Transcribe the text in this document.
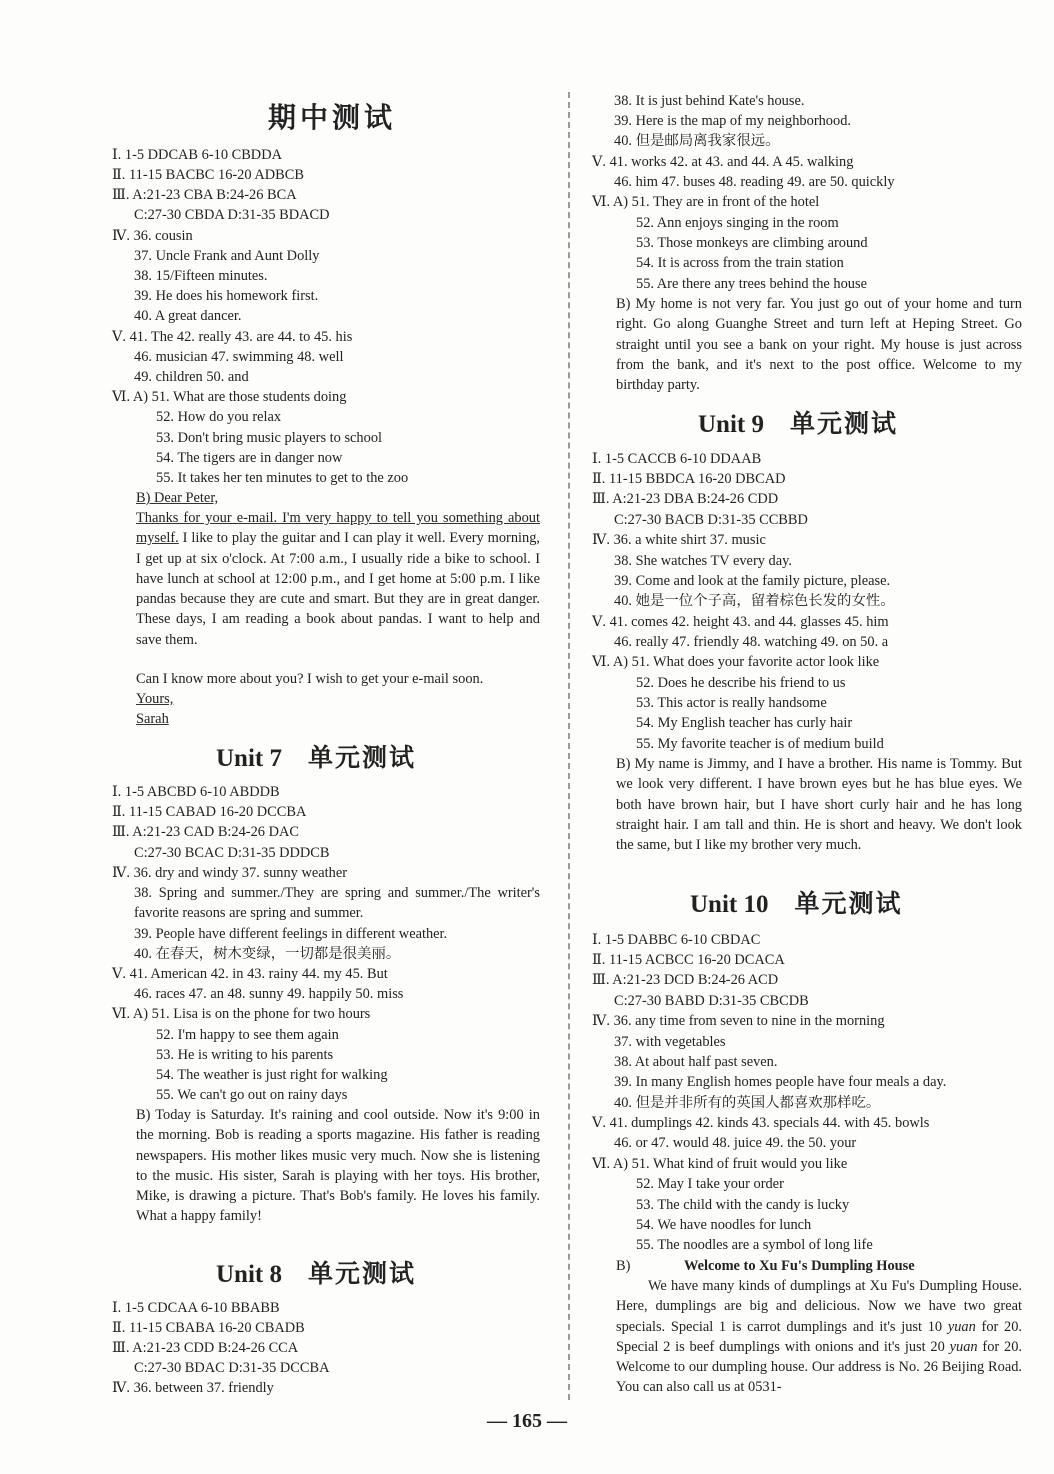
期中测试
Ⅰ. 1-5 DDCAB 6-10 CBDDA
Ⅱ. 11-15 BACBC 16-20 ADBCB
Ⅲ. A:21-23 CBA B:24-26 BCA
C:27-30 CBDA D:31-35 BDACD
Ⅳ. 36. cousin
37. Uncle Frank and Aunt Dolly
38. 15/Fifteen minutes.
39. He does his homework first.
40. A great dancer.
Ⅴ. 41. The 42. really 43. are 44. to 45. his
46. musician 47. swimming 48. well
49. children 50. and
Ⅵ. A) 51. What are those students doing
52. How do you relax
53. Don't bring music players to school
54. The tigers are in danger now
55. It takes her ten minutes to get to the zoo
B) Dear Peter,

Thanks for your e-mail. I'm very happy to tell you something about myself. I like to play the guitar and I can play it well. Every morning, I get up at six o'clock. At 7:00 a.m., I usually ride a bike to school. I have lunch at school at 12:00 p.m., and I get home at 5:00 p.m. I like pandas because they are cute and smart. But they are in great danger. These days, I am reading a book about pandas. I want to help and save them.

Can I know more about you? I wish to get your e-mail soon.
Yours,
Sarah
Unit 7 单元测试
Ⅰ. 1-5 ABCBD 6-10 ABDDB
Ⅱ. 11-15 CABAD 16-20 DCCBA
Ⅲ. A:21-23 CAD B:24-26 DAC
C:27-30 BCAC D:31-35 DDDCB
Ⅳ. 36. dry and windy 37. sunny weather

38. Spring and summer./They are spring and summer./The writer's favorite reasons are spring and summer.

39. People have different feelings in different weather.
40. 在春天，树木变绿，一切都是很美丽。
Ⅴ. 41. American 42. in 43. rainy 44. my 45. But
46. races 47. an 48. sunny 49. happily 50. miss
Ⅵ. A) 51. Lisa is on the phone for two hours
52. I'm happy to see them again
53. He is writing to his parents
54. The weather is just right for walking
55. We can't go out on rainy days

B) Today is Saturday. It's raining and cool outside. Now it's 9:00 in the morning. Bob is reading a sports magazine. His father is reading newspapers. His mother likes music very much. Now she is listening to the music. His sister, Sarah is playing with her toys. His brother, Mike, is drawing a picture. That's Bob's family. He loves his family. What a happy family!

Unit 8 单元测试
Ⅰ. 1-5 CDCAA 6-10 BBABB
Ⅱ. 11-15 CBABA 16-20 CBADB
Ⅲ. A:21-23 CDD B:24-26 CCA
C:27-30 BDAC D:31-35 DCCBA
Ⅳ. 36. between 37. friendly
38. It is just behind Kate's house.
39. Here is the map of my neighborhood.
40. 但是邮局离我家很远。
Ⅴ. 41. works 42. at 43. and 44. A 45. walking
46. him 47. buses 48. reading 49. are 50. quickly
Ⅵ. A) 51. They are in front of the hotel
52. Ann enjoys singing in the room
53. Those monkeys are climbing around
54. It is across from the train station
55. Are there any trees behind the house

B) My home is not very far. You just go out of your home and turn right. Go along Guanghe Street and turn left at Heping Street. Go straight until you see a bank on your right. My house is just across from the bank, and it's next to the post office. Welcome to my birthday party.

Unit 9 单元测试
Ⅰ. 1-5 CACCB 6-10 DDAAB
Ⅱ. 11-15 BBDCA 16-20 DBCAD
Ⅲ. A:21-23 DBA B:24-26 CDD
C:27-30 BACB D:31-35 CCBBD
Ⅳ. 36. a white shirt 37. music
38. She watches TV every day.
39. Come and look at the family picture, please.
40. 她是一位个子高，留着棕色长发的女性。
Ⅴ. 41. comes 42. height 43. and 44. glasses 45. him
46. really 47. friendly 48. watching 49. on 50. a
Ⅵ. A) 51. What does your favorite actor look like
52. Does he describe his friend to us
53. This actor is really handsome
54. My English teacher has curly hair
55. My favorite teacher is of medium build

B) My name is Jimmy, and I have a brother. His name is Tommy. But we look very different. I have brown eyes but he has blue eyes. We both have brown hair, but I have short curly hair and he has long straight hair. I am tall and thin. He is short and heavy. We don't look the same, but I like my brother very much.

Unit 10 单元测试
Ⅰ. 1-5 DABBC 6-10 CBDAC
Ⅱ. 11-15 ACBCC 16-20 DCACA
Ⅲ. A:21-23 DCD B:24-26 ACD
C:27-30 BABD D:31-35 CBCDB
Ⅳ. 36. any time from seven to nine in the morning
37. with vegetables
38. At about half past seven.
39. In many English homes people have four meals a day.
40. 但是并非所有的英国人都喜欢那样吃。
Ⅴ. 41. dumplings 42. kinds 43. specials 44. with 45. bowls
46. or 47. would 48. juice 49. the 50. your
Ⅵ. A) 51. What kind of fruit would you like
52. May I take your order
53. The child with the candy is lucky
54. We have noodles for lunch
55. The noodles are a symbol of long life
B)	Welcome to Xu Fu's Dumpling House

We have many kinds of dumplings at Xu Fu's Dumpling House. Here, dumplings are big and delicious. Now we have two great specials. Special 1 is carrot dumplings and it's just 10 yuan for 20. Special 2 is beef dumplings with onions and it's just 20 yuan for 20. Welcome to our dumpling house. Our address is No. 26 Beijing Road. You can also call us at 0531-

— 165 —
